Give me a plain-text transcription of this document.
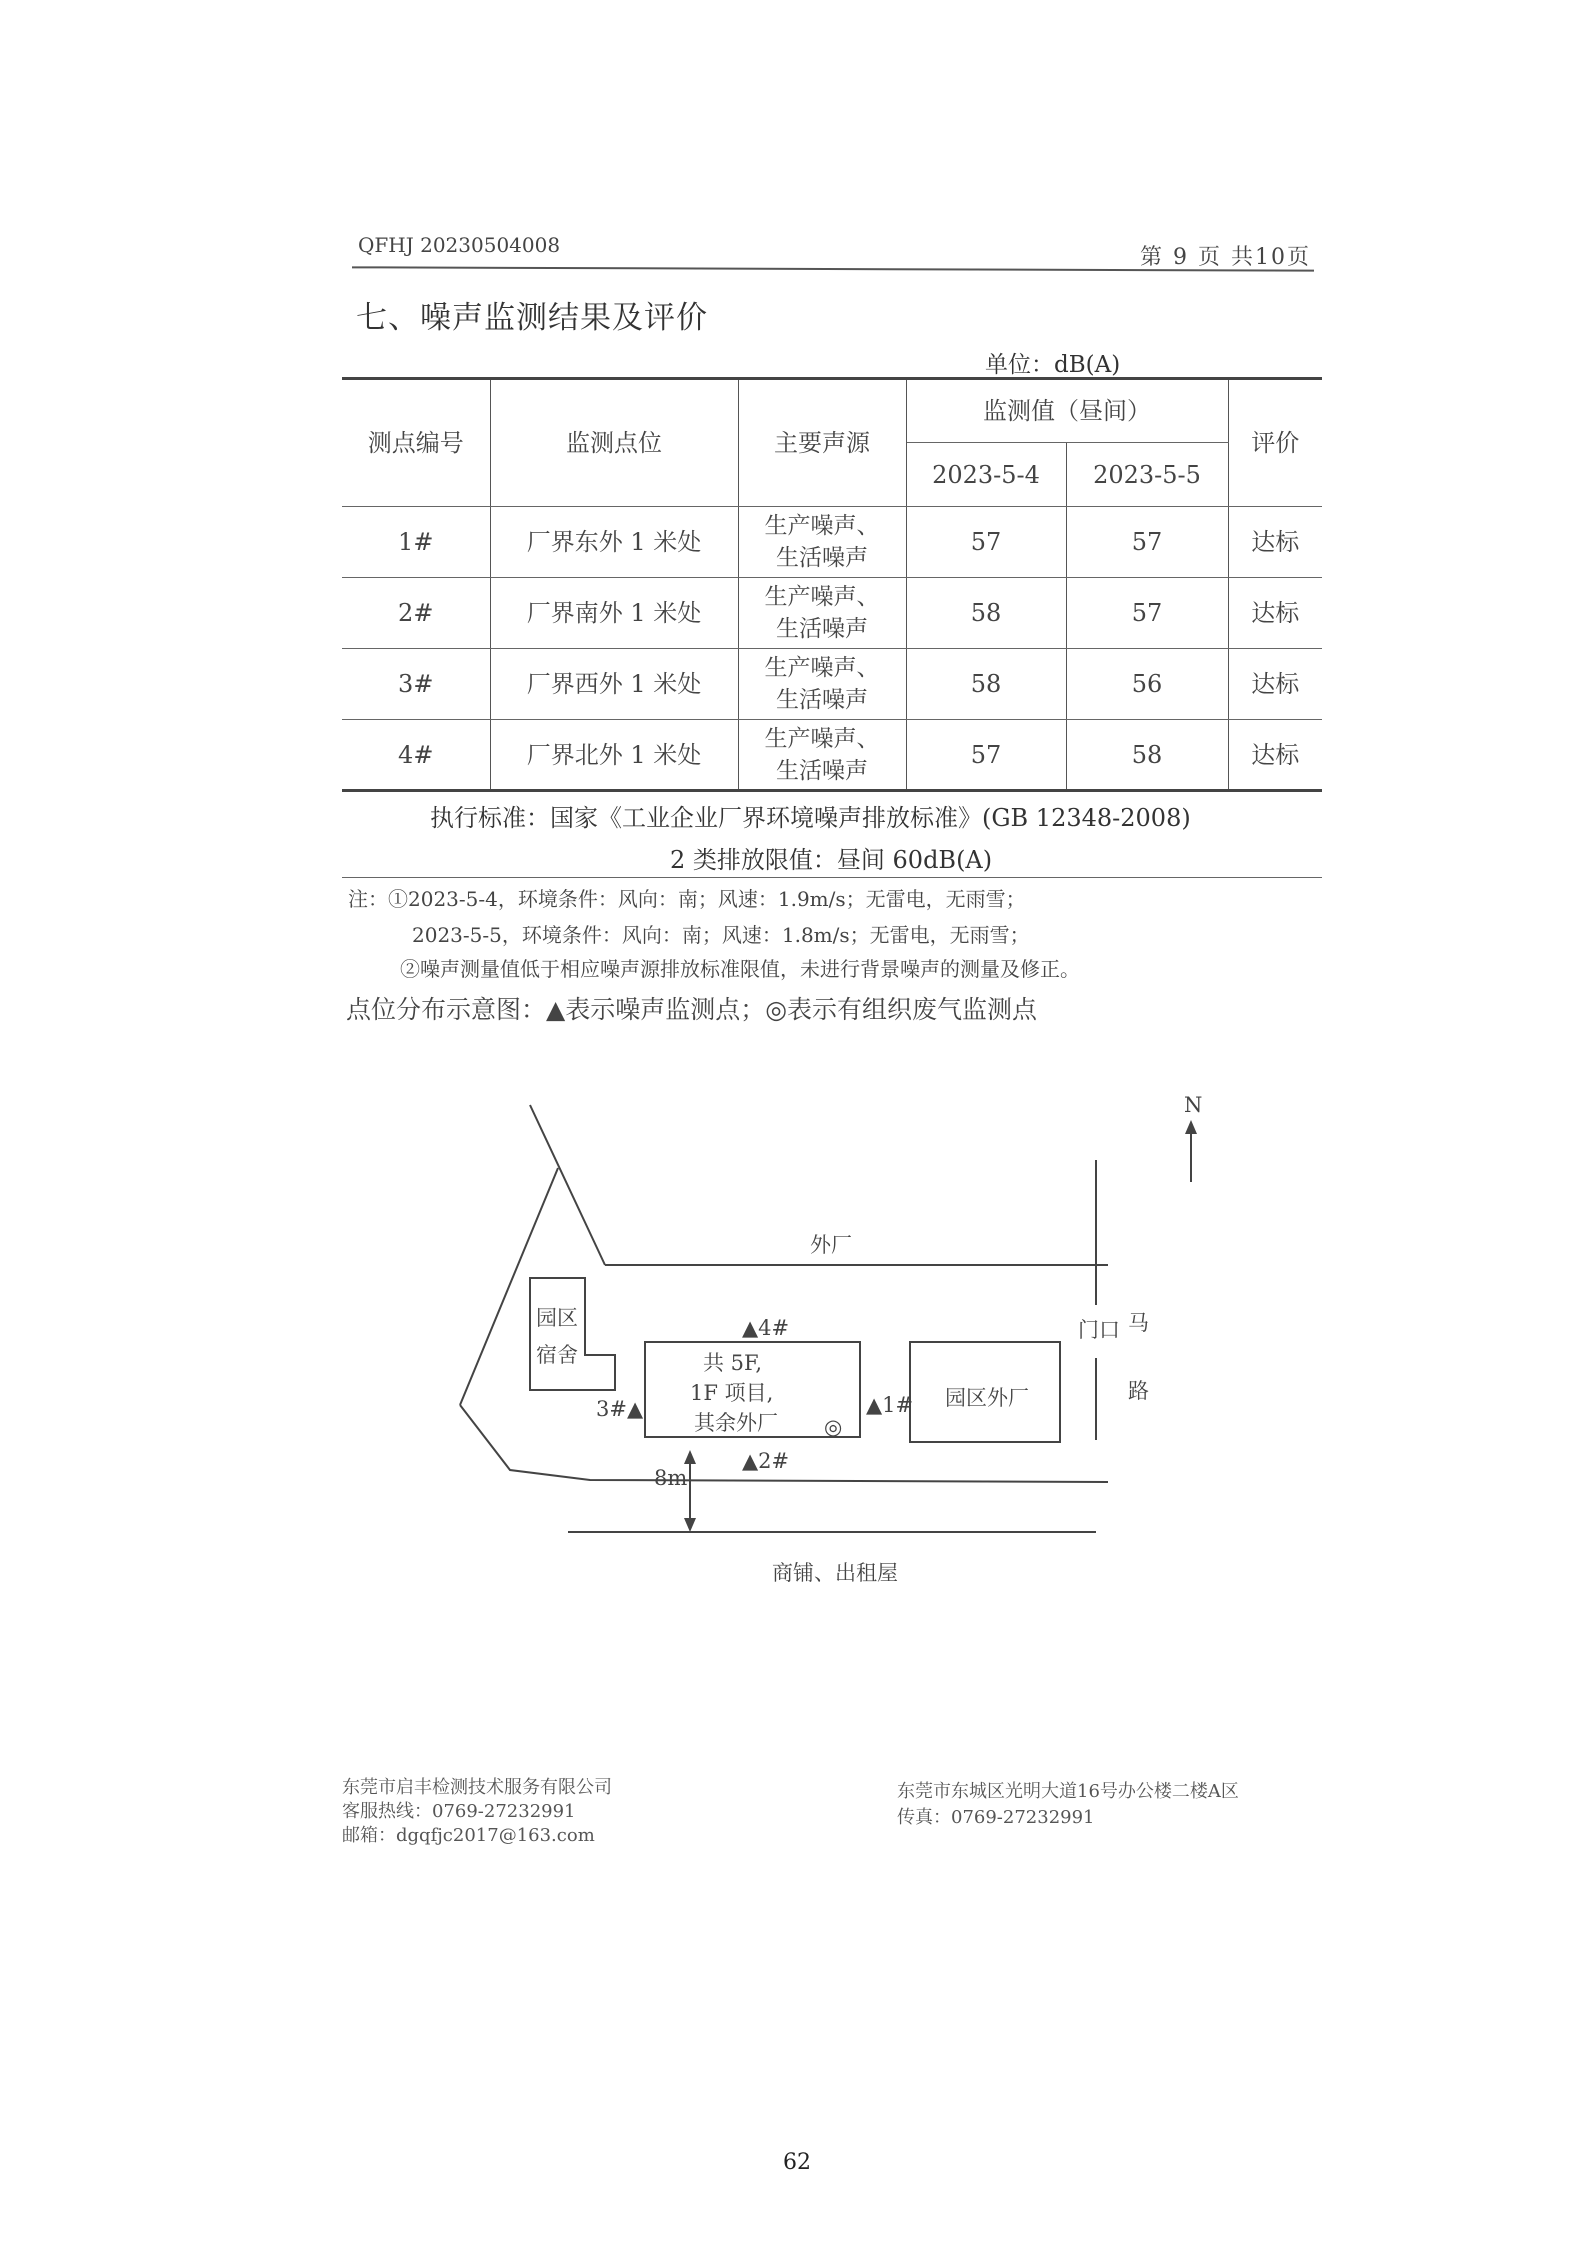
QFHJ 20230504008	第 9 页 共10页
七、噪声监测结果及评价
单位：dB(A)
测点编号	监测点位	主要声源	监测值（昼间）		评价
			2023-5-4	2023-5-5	
1#	厂界东外 1 米处	生产噪声、
生活噪声	57	57	达标
2#	厂界南外 1 米处	生产噪声、
生活噪声	58	57	达标
3#	厂界西外 1 米处	生产噪声、
生活噪声	58	56	达标
4#	厂界北外 1 米处	生产噪声、
生活噪声	57	58	达标
执行标准：国家《工业企业厂界环境噪声排放标准》(GB 12348-2008)
2 类排放限值：昼间 60dB(A)
注：①2023-5-4，环境条件：风向：南；风速：1.9m/s；无雷电，无雨雪；
2023-5-5，环境条件：风向：南；风速：1.8m/s；无雷电，无雨雪；
②噪声测量值低于相应噪声源排放标准限值，未进行背景噪声的测量及修正。
点位分布示意图：▲表示噪声监测点；◎表示有组织废气监测点
N
外厂
园区
宿舍	共 5F,
1F 项目,
其余外厂 ◎
园区外厂
门口 马
路
▲4#
▲1#
3#▲
▲2#
8m
商铺、出租屋
东莞市启丰检测技术服务有限公司
客服热线：0769-27232991
邮箱：dgqfjc2017@163.com
东莞市东城区光明大道16号办公楼二楼A区
传真：0769-27232991
62
